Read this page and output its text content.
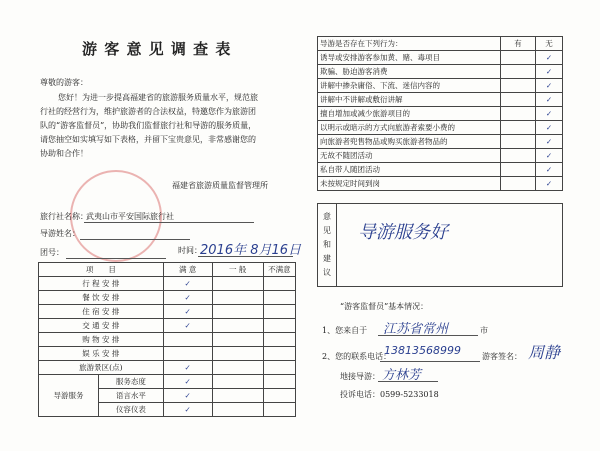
游 客 意 见 调 查 表
尊敬的游客：
您好！为进一步提高福建省的旅游服务质量水平，规范旅
行社的经营行为，维护旅游者的合法权益，特邀您作为旅游团
队的“游客监督员”，协助我们监督旅行社和导游的服务质量，
请您抽空如实填写如下表格，并留下宝贵意见，非常感谢您的
协助和合作！
福建省旅游质量监督管理所
旅行社名称：
武夷山市平安国际旅行社
导游姓名：
时间：
2016年 8月16日
团号：
项　　目		满 意	一 般	不满意
行 程 安 排		✓		
餐 饮 安 排		✓		
住 宿 安 排		✓		
交 通 安 排		✓		
购 物 安 排				
娱 乐 安 排				
旅游景区(点)		✓		
导游服务	服务态度	✓		
	语言水平	✓		
	仪容仪表	✓		
导游是否存在下列行为：	有	无
诱导或安排游客参加黄、赌、毒项目		✓
欺骗、胁迫游客消费		✓
讲解中掺杂庸俗、下流、迷信内容的		✓
讲解中不讲解或敷衍讲解		✓
擅自增加或减少旅游项目的		✓
以明示或暗示的方式向旅游者索要小费的		✓
向旅游者兜售物品或购买旅游者物品的		✓
无故不随团活动		✓
私自带人随团活动		✓
未按规定时间到岗		✓
意
见
和
建
议
导游服务好
“游客监督员”基本情况：
1、您来自于 江苏省常州	市
2、您的联系电话：
13813568999	游客签名： 周静
地接导游： 方林芳
投诉电话： 0599-5233018
